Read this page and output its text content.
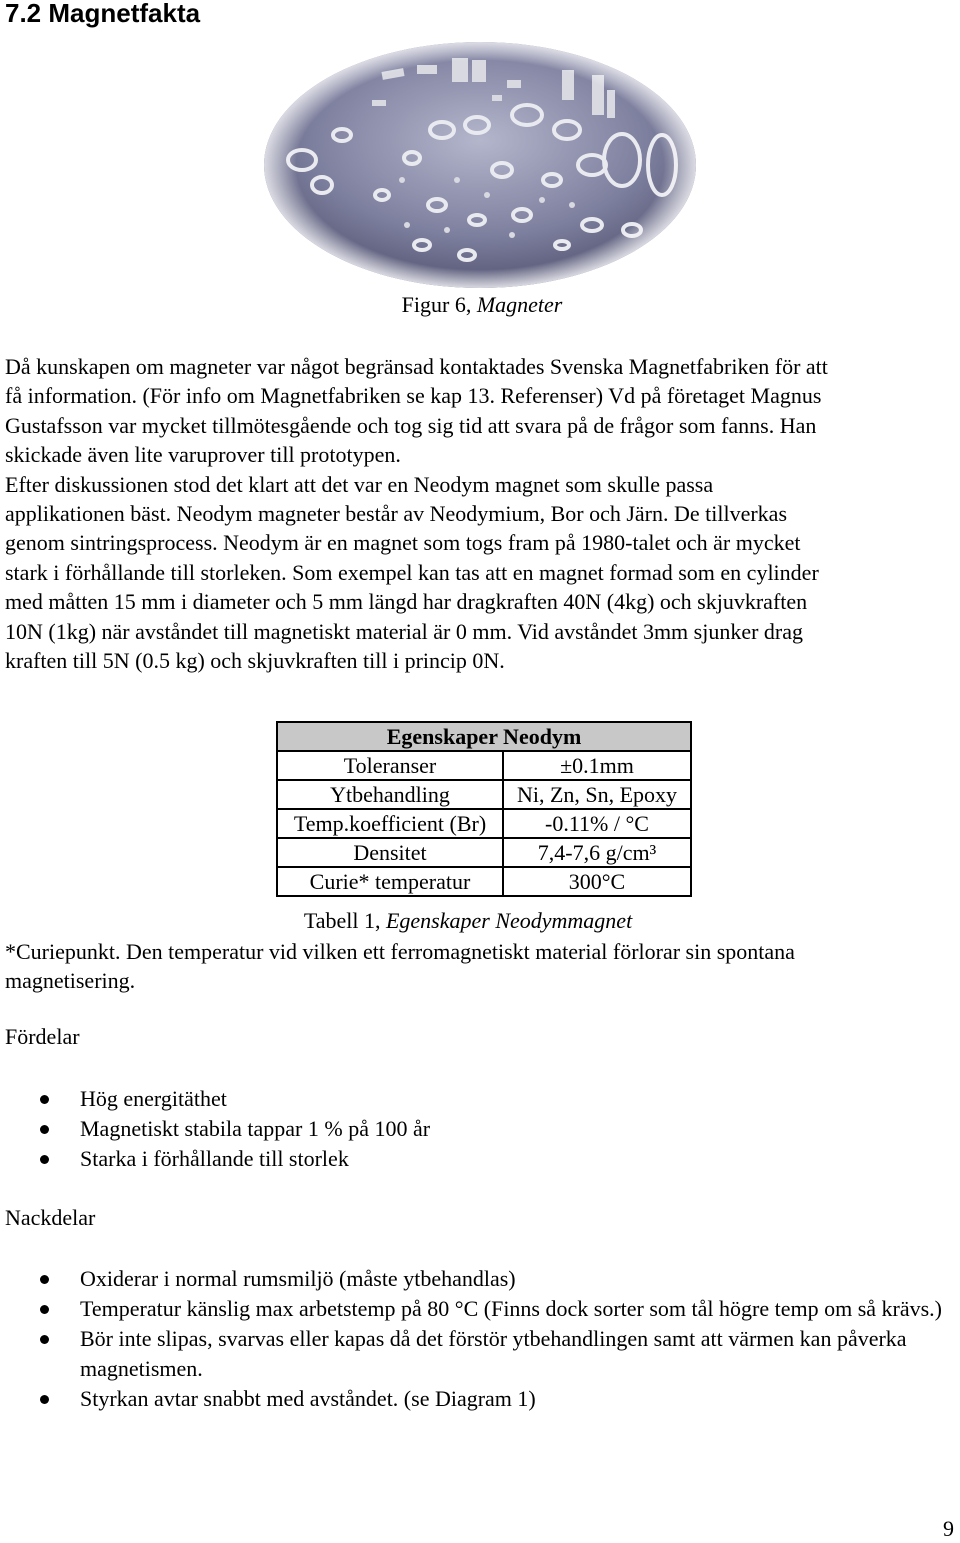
7.2 Magnetfakta
Figur 6, Magneter
Då kunskapen om magneter var något begränsad kontaktades Svenska Magnetfabriken för att
få information. (För info om Magnetfabriken se kap 13. Referenser) Vd på företaget Magnus
Gustafsson var mycket tillmötesgående och tog sig tid att svara på de frågor som fanns. Han
skickade även lite varuprover till prototypen.
Efter diskussionen stod det klart att det var en Neodym magnet som skulle passa
applikationen bäst. Neodym magneter består av Neodymium, Bor och Järn. De tillverkas
genom sintringsprocess. Neodym är en magnet som togs fram på 1980-talet och är mycket
stark i förhållande till storleken. Som exempel kan tas att en magnet formad som en cylinder
med måtten 15 mm i diameter och 5 mm längd har dragkraften 40N (4kg) och skjuvkraften
10N (1kg) när avståndet till magnetiskt material är 0 mm. Vid avståndet 3mm sjunker drag
kraften till 5N (0.5 kg) och skjuvkraften till i princip 0N.
Egenskaper Neodym	
Toleranser	±0.1mm
Ytbehandling	Ni, Zn, Sn, Epoxy
Temp.koefficient (Br)	-0.11% / °C
Densitet	7,4-7,6 g/cm³
Curie* temperatur	300°C
Tabell 1, Egenskaper Neodymmagnet
*Curiepunkt. Den temperatur vid vilken ett ferromagnetiskt material förlorar sin spontana
magnetisering.

Fördelar

Hög energitäthet
Magnetiskt stabila tappar 1 % på 100 år
Starka i förhållande till storlek

Nackdelar

Oxiderar i normal rumsmiljö (måste ytbehandlas)
Temperatur känslig max arbetstemp på 80 °C (Finns dock sorter som tål högre temp om så krävs.)
Bör inte slipas, svarvas eller kapas då det förstör ytbehandlingen samt att värmen kan påverka magnetismen.
Styrkan avtar snabbt med avståndet. (se Diagram 1)
9
